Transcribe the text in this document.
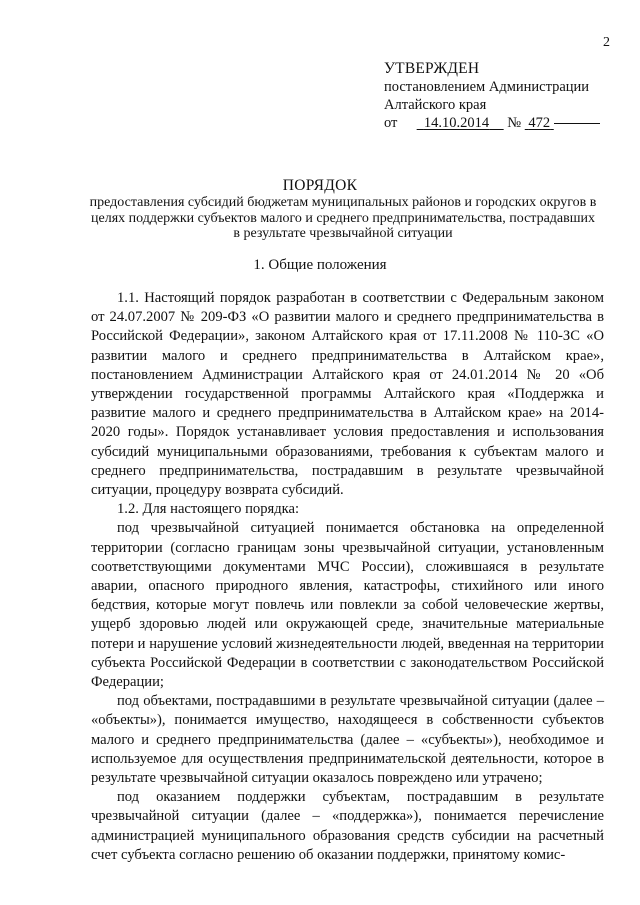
2
УТВЕРЖДЕН
постановлением Администрации
Алтайского края
от 14.10.2014 № 472
ПОРЯДОК
предоставления субсидий бюджетам муниципальных районов и городских округов в целях поддержки субъектов малого и среднего предпринимательства, пострадавших в результате чрезвычайной ситуации
1. Общие положения

1.1. Настоящий порядок разработан в соответствии с Федеральным законом от 24.07.2007 № 209-ФЗ «О развитии малого и среднего предпринимательства в Российской Федерации», законом Алтайского края от 17.11.2008 № 110-ЗС «О развитии малого и среднего предпринимательства в Алтайском крае», постановлением Администрации Алтайского края от 24.01.2014 № 20 «Об утверждении государственной программы Алтайского края «Поддержка и развитие малого и среднего предпринимательства в Алтайском крае» на 2014-2020 годы». Порядок устанавливает условия предоставления и использования субсидий муниципальными образованиями, требования к субъектам малого и среднего предпринимательства, пострадавшим в результате чрезвычайной ситуации, процедуру возврата субсидий.

1.2. Для настоящего порядка:

под чрезвычайной ситуацией понимается обстановка на определенной территории (согласно границам зоны чрезвычайной ситуации, установленным соответствующими документами МЧС России), сложившаяся в результате аварии, опасного природного явления, катастрофы, стихийного или иного бедствия, которые могут повлечь или повлекли за собой человеческие жертвы, ущерб здоровью людей или окружающей среде, значительные материальные потери и нарушение условий жизнедеятельности людей, введенная на территории субъекта Российской Федерации в соответствии с законодательством Российской Федерации;

под объектами, пострадавшими в результате чрезвычайной ситуации (далее – «объекты»), понимается имущество, находящееся в собственности субъектов малого и среднего предпринимательства (далее – «субъекты»), необходимое и используемое для осуществления предпринимательской деятельности, которое в результате чрезвычайной ситуации оказалось повреждено или утрачено;

под оказанием поддержки субъектам, пострадавшим в результате чрезвычайной ситуации (далее – «поддержка»), понимается перечисление администрацией муниципального образования средств субсидии на расчетный счет субъекта согласно решению об оказании поддержки, принятому комис-
